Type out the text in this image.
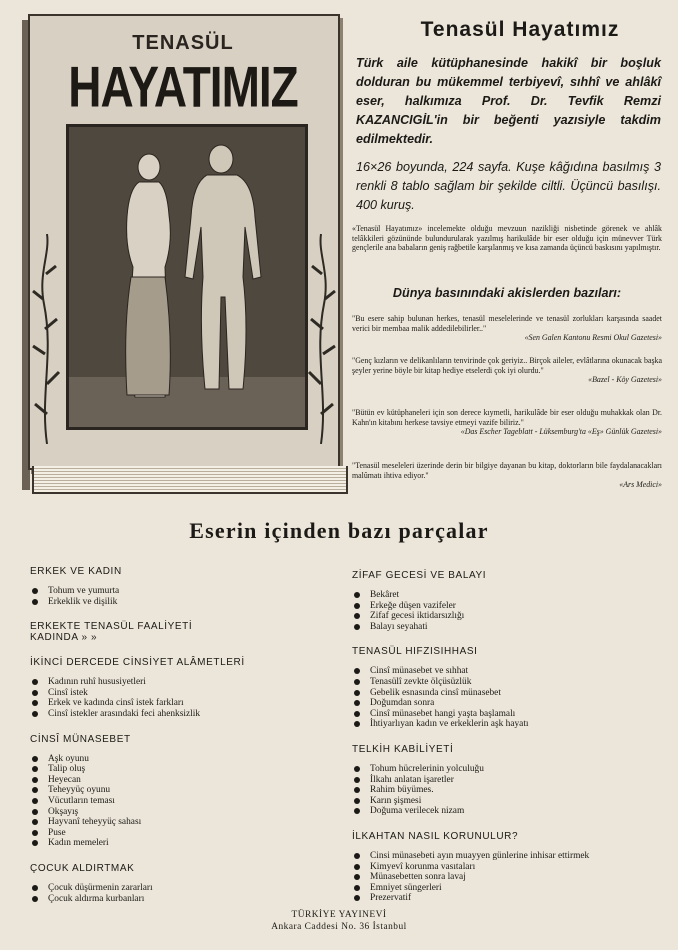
TENASÜL
HAYATIMIZ
Tenasül Hayatımız
Türk aile kütüphanesinde hakikî bir boşluk dolduran bu mükemmel terbiyevî, sıhhî ve ahlâkî eser, halkımıza Prof. Dr. Tevfik Remzi KAZANCIGİL'in bir beğenti yazısiyle takdim edilmektedir.
16×26 boyunda, 224 sayfa. Kuşe kâğıdına basılmış 3 renkli 8 tablo sağlam bir şekilde ciltli. Üçüncü basılışı. 400 kuruş.
«Tenasül Hayatımız» incelemekte olduğu mevzuun nazikliği nisbetinde görenek ve ahlâk telâkkileri gözününde bulundurularak yazılmış harikulâde bir eser olduğu için münevver Türk gençlerile ana babaların geniş rağbetile karşılanmış ve kısa zamanda üçüncü baskısını yapılmıştır.
Dünya basınındaki akislerden bazıları:
"Bu esere sahip bulunan herkes, tenasül meselelerinde ve tenasül zorlukları karşısında saadet verici bir membaa malik addedilebilirler.."
«Sen Galen Kantonu Resmi Okul Gazetesi»
"Genç kızların ve delikanlıların tenvirinde çok geriyiz.. Birçok aileler, evlâtlarına okunacak başka şeyler yerine böyle bir kitap hediye etselerdi çok iyi olurdu."
«Bazel - Köy Gazetesi»
"Bütün ev kütüphaneleri için son derece kıymetli, harikulâde bir eser olduğu muhakkak olan Dr. Kahn'ın kitabını herkese tavsiye etmeyi vazife biliriz."
«Das Escher Tageblatt - Lüksemburg'ta «Eş» Günlük Gazetesi»
"Tenasül meseleleri üzerinde derin bir bilgiye dayanan bu kitap, doktorların bile faydalanacakları malûmatı ihtiva ediyor."
«Ars Medici»
Eserin içinden bazı parçalar
ERKEK VE KADIN
Tohum ve yumurta
Erkeklik ve dişilik
ERKEKTE TENASÜL FAALİYETİ
KADINDA » »
İKİNCİ DERCEDE CİNSİYET ALÂMETLERİ
Kadının ruhî hususiyetleri
Cinsî istek
Erkek ve kadında cinsî istek farkları
Cinsî istekler arasındaki feci ahenksizlik
CİNSÎ MÜNASEBET
Aşk oyunu
Talip oluş
Heyecan
Teheyyüç oyunu
Vücutların teması
Okşayış
Hayvanî teheyyüç sahası
Puse
Kadın memeleri
ÇOCUK ALDIRTMAK
Çocuk düşürmenin zararları
Çocuk aldırma kurbanları
ZİFAF GECESİ VE BALAYI
Bekâret
Erkeğe düşen vazifeler
Zifaf gecesi iktidarsızlığı
Balayı seyahati
TENASÜL HIFZISIHHASI
Cinsî münasebet ve sıhhat
Tenasülî zevkte ölçüsüzlük
Gebelik esnasında cinsî münasebet
Doğumdan sonra
Cinsî münasebet hangi yaşta başlamalı
İhtiyarlıyan kadın ve erkeklerin aşk hayatı
TELKİH KABİLİYETİ
Tohum hücrelerinin yolculuğu
İlkahı anlatan işaretler
Rahim büyümes.
Karın şişmesi
Doğuma verilecek nizam
İLKAHTAN NASIL KORUNULUR?
Cinsi münasebeti ayın muayyen günlerine inhisar ettirmek
Kimyevî korunma vasıtaları
Münasebetten sonra lavaj
Emniyet süngerleri
Prezervatif
TÜRKİYE YAYINEVİ
Ankara Caddesi No. 36 İstanbul
